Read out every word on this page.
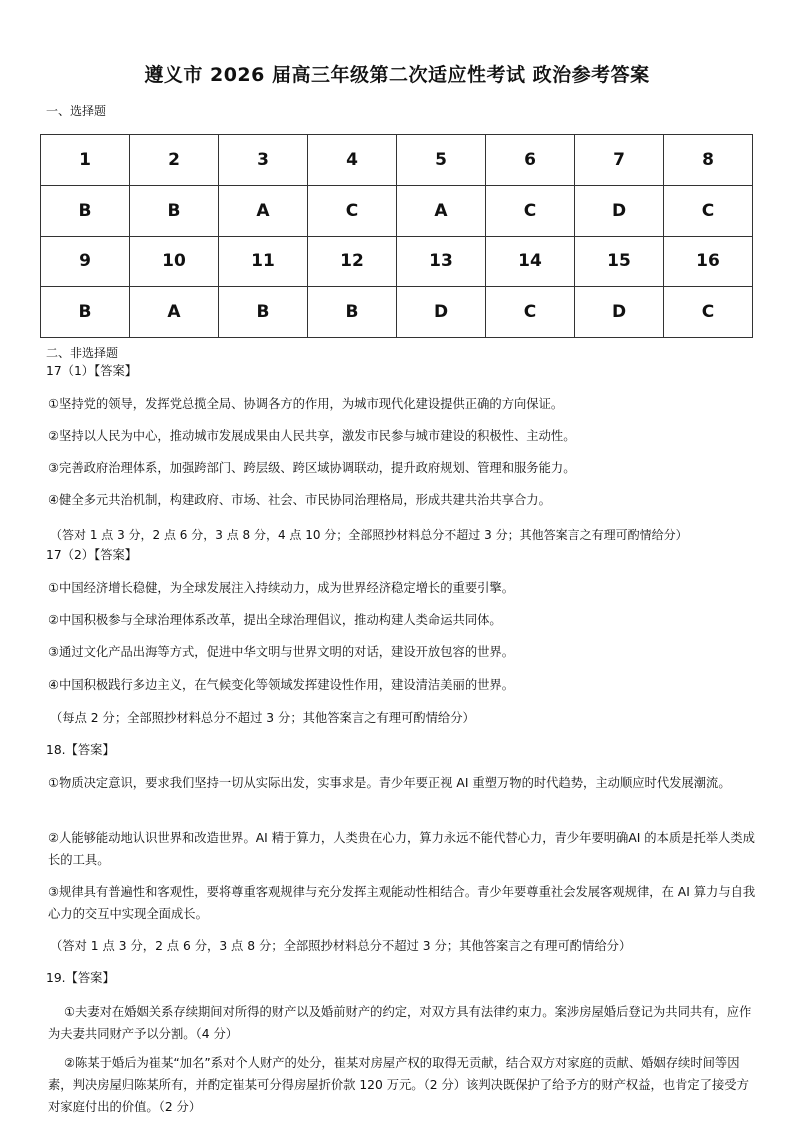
遵义市 2026 届高三年级第二次适应性考试 政治参考答案
一、选择题
1	2	3	4	5	6	7	8
B	B	A	C	A	C	D	C
9	10	11	12	13	14	15	16
B	A	B	B	D	C	D	C
二、非选择题
17（1）【答案】
①坚持党的领导，发挥党总揽全局、协调各方的作用，为城市现代化建设提供正确的方向保证。
②坚持以人民为中心，推动城市发展成果由人民共享，激发市民参与城市建设的积极性、主动性。
③完善政府治理体系，加强跨部门、跨层级、跨区域协调联动，提升政府规划、管理和服务能力。
④健全多元共治机制，构建政府、市场、社会、市民协同治理格局，形成共建共治共享合力。
（答对 1 点 3 分，2 点 6 分，3 点 8 分，4 点 10 分；全部照抄材料总分不超过 3 分；其他答案言之有理可酌情给分）
17（2）【答案】
①中国经济增长稳健，为全球发展注入持续动力，成为世界经济稳定增长的重要引擎。
②中国积极参与全球治理体系改革，提出全球治理倡议，推动构建人类命运共同体。
③通过文化产品出海等方式，促进中华文明与世界文明的对话，建设开放包容的世界。
④中国积极践行多边主义，在气候变化等领域发挥建设性作用，建设清洁美丽的世界。
（每点 2 分；全部照抄材料总分不超过 3 分；其他答案言之有理可酌情给分）
18.【答案】
①物质决定意识，要求我们坚持一切从实际出发，实事求是。青少年要正视 AI 重塑万物的时代趋势，主动顺应时代发展潮流。
②人能够能动地认识世界和改造世界。AI 精于算力，人类贵在心力，算力永远不能代替心力，青少年要明确AI 的本质是托举人类成长的工具。
③规律具有普遍性和客观性，要将尊重客观规律与充分发挥主观能动性相结合。青少年要尊重社会发展客观规律，在 AI 算力与自我心力的交互中实现全面成长。
（答对 1 点 3 分，2 点 6 分，3 点 8 分；全部照抄材料总分不超过 3 分；其他答案言之有理可酌情给分）
19.【答案】
①夫妻对在婚姻关系存续期间对所得的财产以及婚前财产的约定，对双方具有法律约束力。案涉房屋婚后登记为共同共有，应作为夫妻共同财产予以分割。（4 分）
②陈某于婚后为崔某“加名”系对个人财产的处分，崔某对房屋产权的取得无贡献，结合双方对家庭的贡献、婚姻存续时间等因素，判决房屋归陈某所有，并酌定崔某可分得房屋折价款 120 万元。（2 分）该判决既保护了给予方的财产权益，也肯定了接受方对家庭付出的价值。（2 分）
